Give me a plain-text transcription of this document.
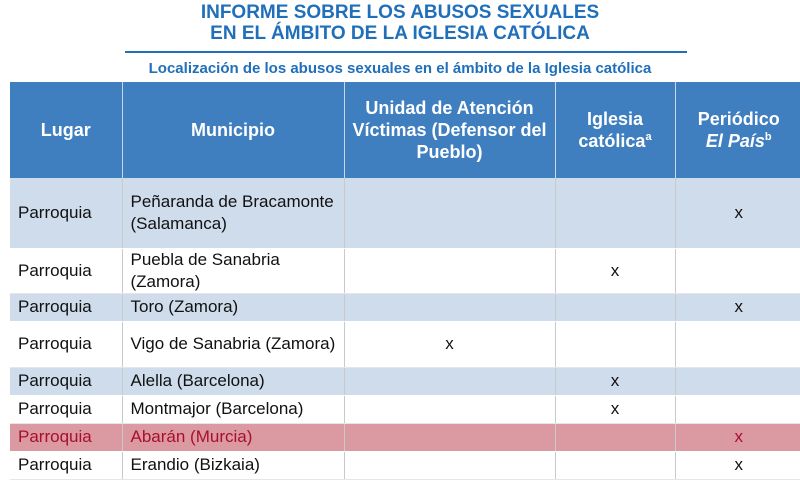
INFORME SOBRE LOS ABUSOS SEXUALES
EN EL ÁMBITO DE LA IGLESIA CATÓLICA
Localización de los abusos sexuales en el ámbito de la Iglesia católica
Lugar	Municipio	Unidad de Atención Víctimas (Defensor del Pueblo)	Iglesia católica$^a$	Periódico
El País$^b$
Parroquia	Peñaranda de Bracamonte (Salamanca)			x
Parroquia	Puebla de Sanabria (Zamora)		x	
Parroquia	Toro (Zamora)			x
Parroquia	Vigo de Sanabria (Zamora)	x		
Parroquia	Alella (Barcelona)		x	
Parroquia	Montmajor (Barcelona)		x	
Parroquia	Abarán (Murcia)			x
Parroquia	Erandio (Bizkaia)			x
